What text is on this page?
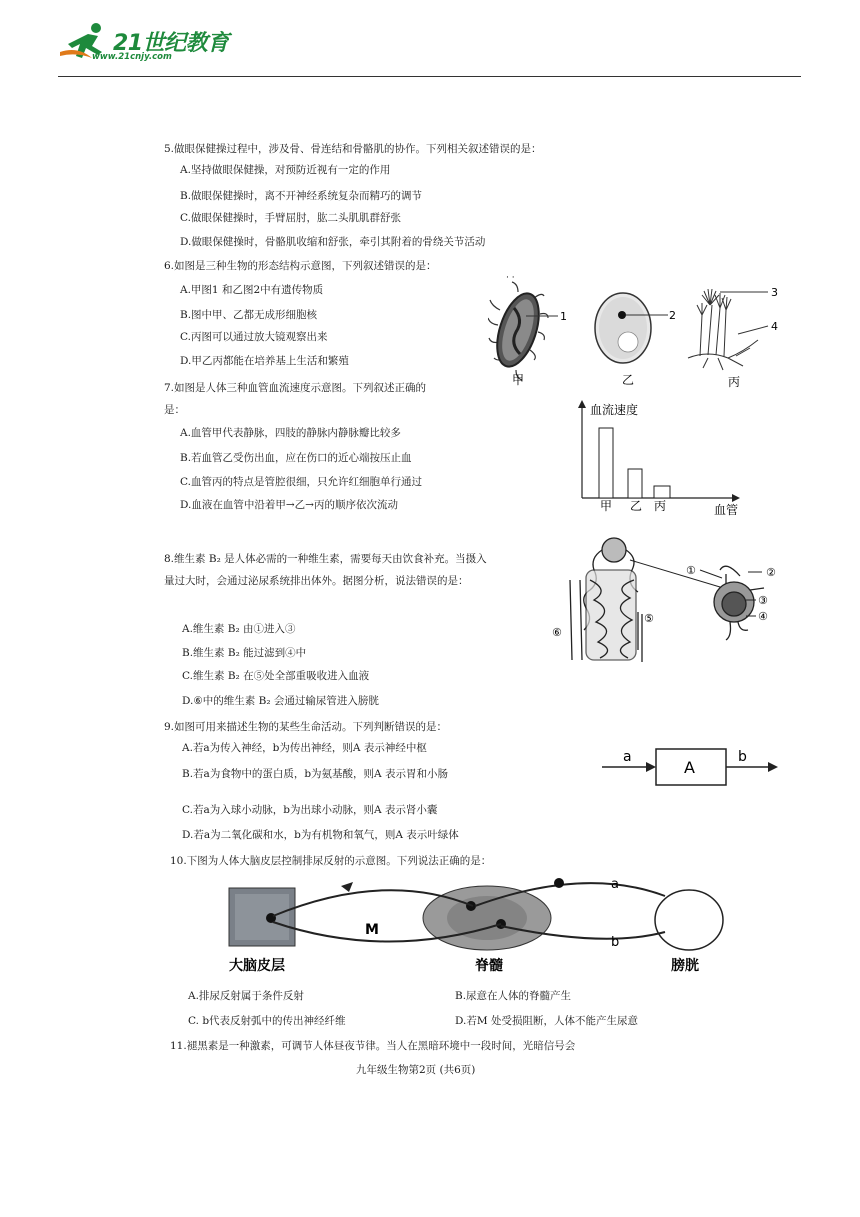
21世纪教育
www.21cnjy.com
5.做眼保健操过程中，涉及骨、骨连结和骨骼肌的协作。下列相关叙述错误的是：
A.坚持做眼保健操，对预防近视有一定的作用
B.做眼保健操时，离不开神经系统复杂而精巧的调节
C.做眼保健操时，手臂屈肘，肱二头肌肌群舒张
D.做眼保健操时，骨骼肌收缩和舒张，牵引其附着的骨绕关节活动
6.如图是三种生物的形态结构示意图，下列叙述错误的是：
A.甲图1 和乙图2中有遗传物质
B.图中甲、乙都无成形细胞核
C.丙图可以通过放大镜观察出来
D.甲乙丙都能在培养基上生活和繁殖
1
甲
· ·
2
乙
3
4
丙
7.如图是人体三种血管血流速度示意图。下列叙述正确的
是：
A.血管甲代表静脉，四肢的静脉内静脉瓣比较多
B.若血管乙受伤出血，应在伤口的近心端按压止血
C.血管丙的特点是管腔很细，只允许红细胞单行通过
D.血液在血管中沿着甲→乙→丙的顺序依次流动
血流速度
甲 乙 丙	血管
8.维生素 B₂ 是人体必需的一种维生素，需要每天由饮食补充。当摄入
量过大时，会通过泌尿系统排出体外。据图分析，说法错误的是：
A.维生素 B₂ 由①进入③
B.维生素 B₂ 能过滤到④中
C.维生素 B₂ 在⑤处全部重吸收进入血液
D.⑥中的维生素 B₂ 会通过输尿管进入膀胱
①	②
③
④
⑤
⑥
9.如图可用来描述生物的某些生命活动。下列判断错误的是：
A.若a为传入神经，b为传出神经，则A 表示神经中枢
B.若a为食物中的蛋白质，b为氨基酸，则A 表示胃和小肠
C.若a为入球小动脉，b为出球小动脉，则A 表示肾小囊
D.若a为二氧化碳和水，b为有机物和氧气，则A 表示叶绿体
a
A
b
10.下图为人体大脑皮层控制排尿反射的示意图。下列说法正确的是：
a
b
M
大脑皮层	脊髓	膀胱
A.排尿反射属于条件反射	B.尿意在人体的脊髓产生
C. b代表反射弧中的传出神经纤维	D.若M 处受损阻断，人体不能产生尿意
11.褪黑素是一种激素，可调节人体昼夜节律。当人在黑暗环境中一段时间，光暗信号会
九年级生物第2页 (共6页)
